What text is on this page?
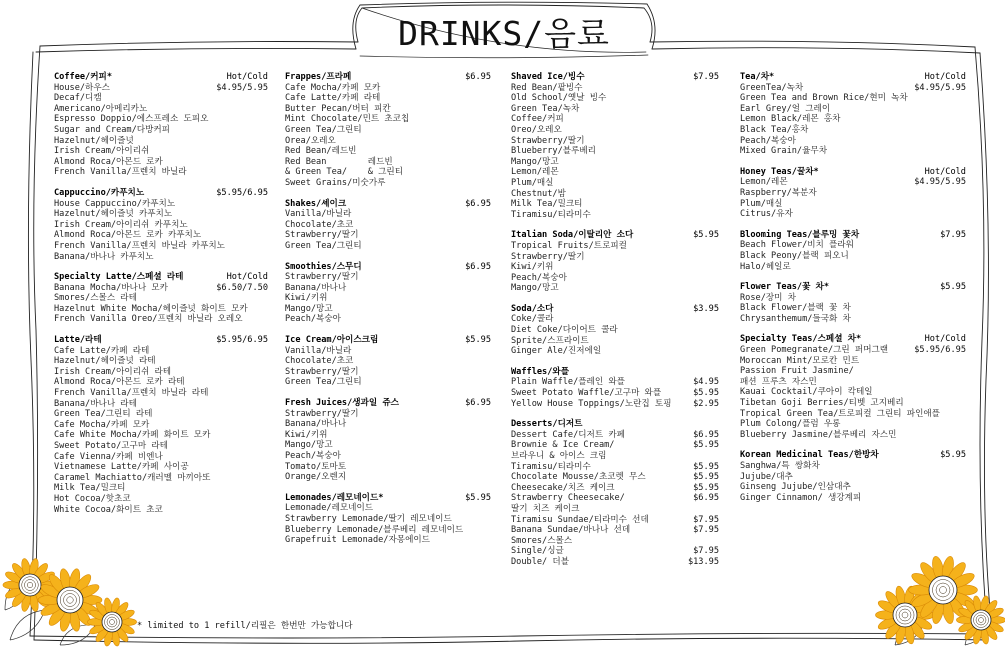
DRINKS/음료
Coffee/커피*	Hot/Cold
House/하우스	$4.95/5.95
Decaf/디캠
Americano/아메리카노
Espresso Doppio/에스프레소 도피오
Sugar and Cream/다방커피
Hazelnut/헤이즐넛
Irish Cream/아이리쉬
Almond Roca/아몬드 로카
French Vanilla/프렌치 바닐라
Cappuccino/카푸치노	$5.95/6.95
House Cappuccino/카푸치노
Hazelnut/헤이즐넛 카푸치노
Irish Cream/아이리쉬 카푸치노
Almond Roca/아몬드 로카 카푸치노
French Vanilla/프렌치 바닐라 카푸치노
Banana/바나나 카푸치노
Specialty Latte/스페셜 라테	Hot/Cold
Banana Mocha/바나나 모카	$6.50/7.50
Smores/스몰스 라테
Hazelnut White Mocha/헤이즐넛 화이트 모카
French Vanilla Oreo/프렌치 바닐라 오레오
Latte/라테	$5.95/6.95
Cafe Latte/카페 라테
Hazelnut/헤이즐넛 라테
Irish Cream/아이리쉬 라테
Almond Roca/아몬드 로카 라테
French Vanilla/프렌치 바닐라 라테
Banana/바나나 라테
Green Tea/그린티 라테
Cafe Mocha/카페 모카
Cafe White Mocha/카페 화이트 모카
Sweet Potato/고구마 라테
Cafe Vienna/카페 비엔나
Vietnamese Latte/카페 사이공
Caramel Machiatto/캐러멜 마끼아또
Milk Tea/밀크티
Hot Cocoa/핫초코
White Cocoa/화이트 초코
Frappes/프라페	$6.95
Cafe Mocha/카페 모카
Cafe Latte/카페 라테
Butter Pecan/버터 피칸
Mint Chocolate/민트 초코칩
Green Tea/그린티
Orea/오레오
Red Bean/레드빈
Red Bean        레드빈
& Green Tea/    & 그린티
Sweet Grains/미숫가루
Shakes/셰이크	$6.95
Vanilla/바닐라
Chocolate/초코
Strawberry/딸기
Green Tea/그린티
Smoothies/스무디	$6.95
Strawberry/딸기
Banana/바나나
Kiwi/키위
Mango/망고
Peach/복숭아
Ice Cream/아이스크림	$5.95
Vanilla/바닐라
Chocolate/초코
Strawberry/딸기
Green Tea/그린티
Fresh Juices/생과일 쥬스	$6.95
Strawberry/딸기
Banana/바나나
Kiwi/키위
Mango/망고
Peach/복숭아
Tomato/토마토
Orange/오렌지
Lemonades/레모네이드*	$5.95
Lemonade/레모네이드
Strawberry Lemonade/딸기 레모네이드
Blueberry Lemonade/블루베리 레모네이드
Grapefruit Lemonade/자몽에이드
Shaved Ice/빙수	$7.95
Red Bean/팥빙수
Old School/옛날 빙수
Green Tea/녹차
Coffee/커피
Oreo/오레오
Strawberry/딸기
Blueberry/블루베리
Mango/망고
Lemon/레몬
Plum/매실
Chestnut/밤
Milk Tea/밀크티
Tiramisu/티라미수
Italian Soda/이탈리안 소다	$5.95
Tropical Fruits/트로피컬
Strawberry/딸기
Kiwi/키위
Peach/복숭아
Mango/망고
Soda/소다	$3.95
Coke/콜라
Diet Coke/다이어트 콜라
Sprite/스프라이트
Ginger Ale/진저에일
Waffles/와플
Plain Waffle/플레인 와플	$4.95
Sweet Potato Waffle/고구마 와플	$5.95
Yellow House Toppings/노란집 토핑	$2.95
Desserts/디저트
Dessert Cafe/디저트 카페	$6.95
Brownie & Ice Cream/	$5.95
브라우니 & 아이스 크림
Tiramisu/티라미수	$5.95
Chocolate Mousse/초코렛 무스	$5.95
Cheesecake/치즈 케이크	$5.95
Strawberry Cheesecake/	$6.95
딸기 치즈 케이크
Tiramisu Sundae/티라미수 선데	$7.95
Banana Sundae/바나나 선데	$7.95
Smores/스몰스
Single/싱글	$7.95
Double/ 더블	$13.95
Tea/차*	Hot/Cold
GreenTea/녹차	$4.95/5.95
Green Tea and Brown Rice/현미 녹차
Earl Grey/얼 그레이
Lemon Black/레몬 홍차
Black Tea/홍차
Peach/복숭아
Mixed Grain/율무차
Honey Teas/꿀차*	Hot/Cold
Lemon/레몬	$4.95/5.95
Raspberry/복분자
Plum/매실
Citrus/유자
Blooming Teas/블루밍 꽃차	$7.95
Beach Flower/비치 플라워
Black Peony/블랙 피오니
Halo/헤일로
Flower Teas/꽃 차*	$5.95
Rose/장미 차
Black Flower/블랙 꽃 차
Chrysanthemum/들국화 차
Specialty Teas/스페셜 차*	Hot/Cold
Green Pomegranate/그린 퍼머그랜	$5.95/6.95
Moroccan Mint/모로칸 민트
Passion Fruit Jasmine/
패션 프루츠 자스민
Kauai Cocktail/쿠아이 칵테일
Tibetan Goji Berries/티벳 고지베리
Tropical Green Tea/트로피컬 그린티 파인애플
Plum Colong/플럼 우롱
Blueberry Jasmine/블루베리 자스민
Korean Medicinal Teas/한방차	$5.95
Sanghwa/특 쌍화차
Jujube/대추
Ginseng Jujube/인삼대추
Ginger Cinnamon/ 생강계피
* limited to 1 refill/리필은 한번만 가능합니다
